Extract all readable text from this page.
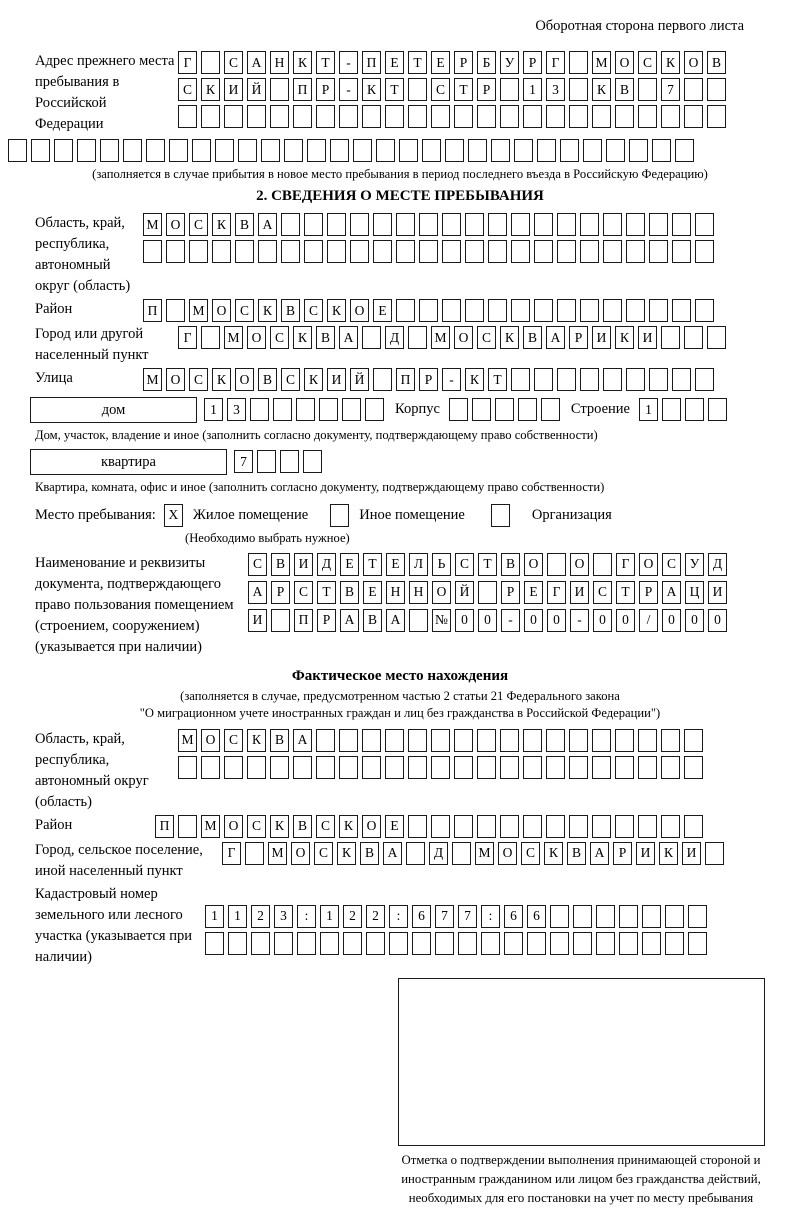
Оборотная сторона первого листа
Адрес прежнего места пребывания в Российской Федерации
Г	С	А Н	К	Т	-	П	Е	Т	Е	Р	Б	У	Р	Г	М О	С	К	О	В
С	К	И Й	П	Р	-	К	Т	С	Т	Р	1	3	К	В	7
(заполняется в случае прибытия в новое место пребывания в период последнего въезда в Российскую Федерацию)
2. СВЕДЕНИЯ О МЕСТЕ ПРЕБЫВАНИЯ
Область, край, республика, автономный округ (область)
М О	С	К	В	А
Район	П	М О	С	К	В	С	К	О	Е
Город или другой населенный пункт
Г	М О	С	К	В	А	Д	М О	С	К	В	А	Р	И	К	И
Улица	М О	С	К	О	В	С	К	И Й	П	Р	-	К	Т
дом	1	3	Корпус	Строение	1
Дом, участок, владение и иное (заполнить согласно документу, подтверждающему право собственности)
квартира	7
Квартира, комната, офис и иное (заполнить согласно документу, подтверждающему право собственности)
Место пребывания: X	Жилое помещение	Иное помещение	Организация
(Необходимо выбрать нужное)
Наименование и реквизиты документа, подтверждающего право пользования помещением (строением, сооружением) (указывается при наличии)
С	В	И	Д	Е	Т	Е	Л	Ь	С	Т	В	О	О	Г	О	С	У	Д
А	Р	С	Т	В	Е	Н Н О Й	Р	Е	Г	И	С	Т	Р	А Ц И
И	П	Р	А	В	А	№ 0	0	-	0	0	-	0	0	/	0	0	0
Фактическое место нахождения
(заполняется в случае, предусмотренном частью 2 статьи 21 Федерального закона
"О миграционном учете иностранных граждан и лиц без гражданства в Российской Федерации")
Область, край, республика, автономный округ (область)
М О	С	К	В	А
Район	П	М О	С	К	В	С	К	О	Е
Город, сельское поселение, иной населенный пункт
Г	М О	С	К	В	А	Д	М О	С	К	В	А	Р	И	К	И
Кадастровый номер земельного или лесного участка (указывается при наличии)
1	1	2	3	:	1	2	2	:	6	7	7	:	6	6
Отметка о подтверждении выполнения принимающей стороной и иностранным гражданином или лицом без гражданства действий, необходимых для его постановки на учет по месту пребывания
